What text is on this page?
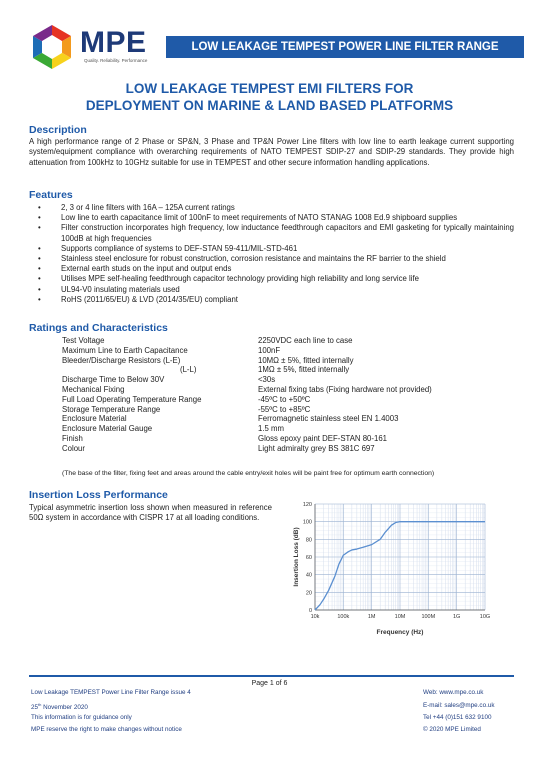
MPE
Quality. Reliability. Performance
LOW LEAKAGE TEMPEST POWER LINE FILTER RANGE
LOW LEAKAGE TEMPEST EMI FILTERS FOR
DEPLOYMENT ON MARINE & LAND BASED PLATFORMS
Description

A high performance range of 2 Phase or SP&N, 3 Phase and TP&N Power Line filters with low line to earth leakage current supporting system/equipment compliance with overarching requirements of NATO TEMPEST SDIP-27 and SDIP-29 standards. They provide high attenuation from 100kHz to 10GHz suitable for use in TEMPEST and other secure information handling applications.

Features
•	2, 3 or 4 line filters with 16A – 125A current ratings
•	Low line to earth capacitance limit of 100nF to meet requirements of NATO STANAG 1008 Ed.9 shipboard supplies
•	Filter construction incorporates high frequency, low inductance feedthrough capacitors and EMI gasketing for typically maintaining 100dB at high frequencies
•	Supports compliance of systems to DEF-STAN 59-411/MIL-STD-461
•	Stainless steel enclosure for robust construction, corrosion resistance and maintains the RF barrier to the shield
•	External earth studs on the input and output ends
•	Utilises MPE self-healing feedthrough capacitor technology providing high reliability and long service life
•	UL94-V0 insulating materials used
•	RoHS (2011/65/EU) & LVD (2014/35/EU) compliant
Ratings and Characteristics
Test Voltage	2250VDC each line to case
Maximum Line to Earth Capacitance	100nF
Bleeder/Discharge Resistors (L-E)	10MΩ ± 5%, fitted internally
(L-L)	1MΩ ± 5%, fitted internally
Discharge Time to Below 30V	<30s
Mechanical Fixing	External fixing tabs (Fixing hardware not provided)
Full Load Operating Temperature Range	-45ºC to +50ºC
Storage Temperature Range	-55ºC to +85ºC
Enclosure Material	Ferromagnetic stainless steel EN 1.4003
Enclosure Material Gauge	1.5 mm
Finish	Gloss epoxy paint DEF-STAN 80-161
Colour	Light admiralty grey BS 381C 697
(The base of the filter, fixing feet and areas around the cable entry/exit holes will be paint free for optimum earth connection)
Insertion Loss Performance

Typical asymmetric insertion loss shown when measured in reference 50Ω system in accordance with CISPR 17 at all loading conditions.

10k	100k	1M	10M	100M	1G	10G
0
20
40
60
80
100
120
Frequency (Hz)
Insertion Loss (dB)
Page 1 of 6
Low Leakage TEMPEST Power Line Filter Range issue 4
25th November 2020
This information is for guidance only
MPE reserve the right to make changes without notice
Web: www.mpe.co.uk
E-mail: sales@mpe.co.uk
Tel +44 (0)151 632 9100
© 2020 MPE Limited
